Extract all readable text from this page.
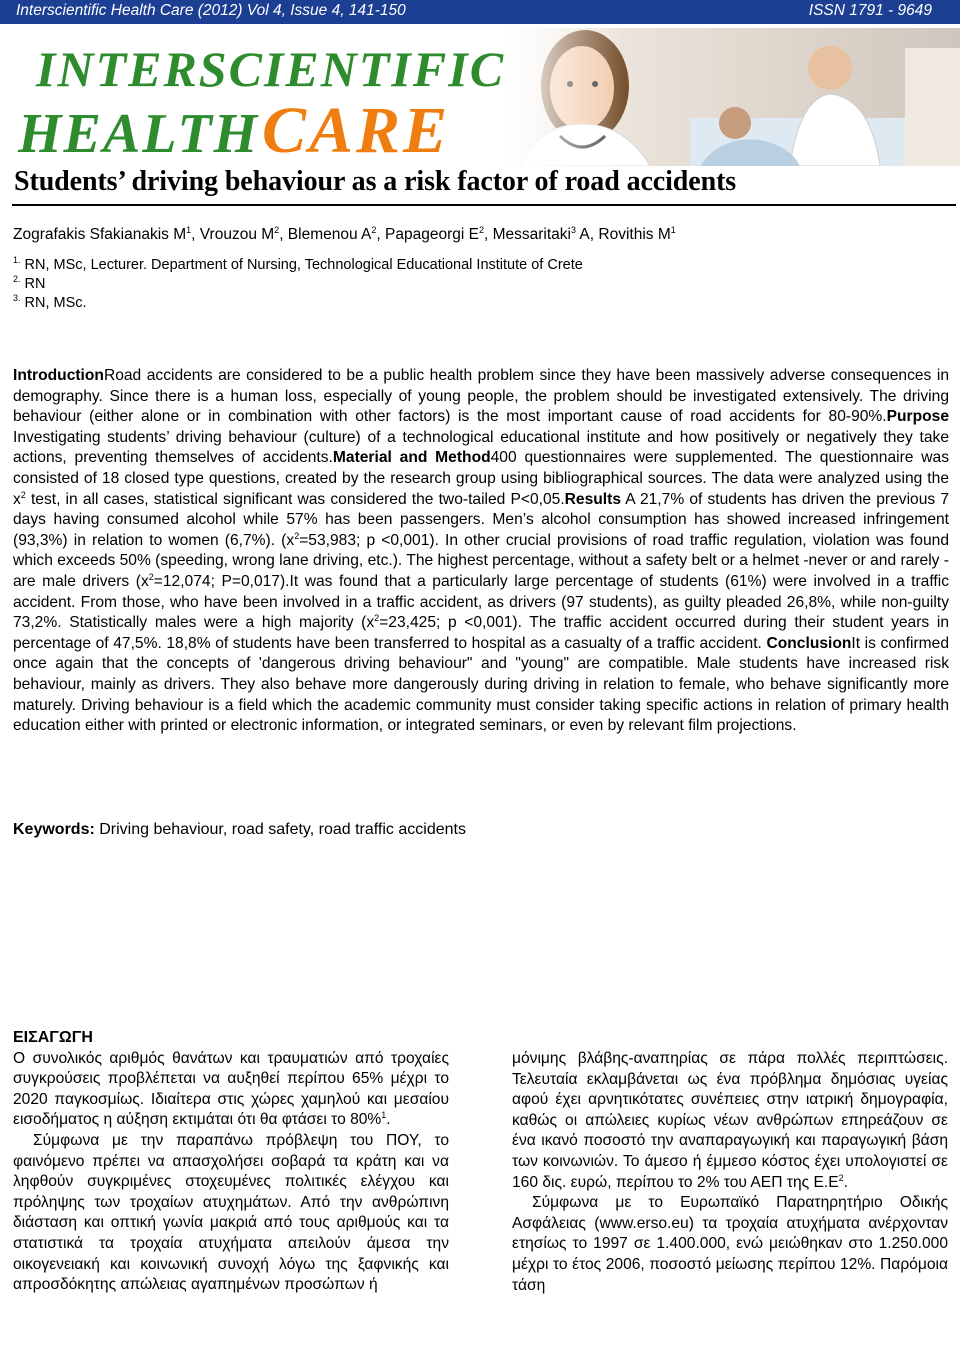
Interscientific Health Care (2012) Vol 4, Issue 4, 141-150	ISSN 1791 - 9649
INTERSCIENTIFIC
HEALTH CARE
Students’ driving behaviour as a risk factor of road accidents
Zografakis Sfakianakis $M^1$, Vrouzou $M^2$, Blemenou $A^2$, Papageorgi $E^2$, Messaritaki$^3$ A, Rovithis $M^1$
$^{1.}$ RN, MSc, Lecturer. Department of Nursing, Technological Educational Institute of Crete
$^{2.}$ RN
$^{3.}$ RN, MSc.
IntroductionRoad accidents are considered to be a public health problem since they have been massively adverse consequences in demography. Since there is a human loss, especially of young people, the problem should be investigated extensively. The driving behaviour (either alone or in combination with other factors) is the most important cause of road accidents for 80-90%.Purpose Investigating students’ driving behaviour (culture) of a technological educational institute and how positively or negatively they take actions, preventing themselves of accidents.Material and Method400 questionnaires were supplemented. The questionnaire was consisted of 18 closed type questions, created by the research group using bibliographical sources. The data were analyzed using the $x^2$ test, in all cases, statistical significant was considered the two-tailed P<0,05.Results A 21,7% of students has driven the previous 7 days having consumed alcohol while 57% has been passengers. Men’s alcohol consumption has showed increased infringement (93,3%) in relation to women (6,7%). ($x^2=53,983$; p <0,001). In other crucial provisions of road traffic regulation, violation was found which exceeds 50% (speeding, wrong lane driving, etc.). The highest percentage, without a safety belt or a helmet -never or and rarely - are male drivers ($x^2=12,074$; P=0,017).It was found that a particularly large percentage of students (61%) were involved in a traffic accident. From those, who have been involved in a traffic accident, as drivers (97 students), as guilty pleaded 26,8%, while non-guilty 73,2%. Statistically males were a high majority ($x^2=23,425$; p <0,001). The traffic accident occurred during their student years in percentage of 47,5%. 18,8% of students have been transferred to hospital as a casualty of a traffic accident. ConclusionIt is confirmed once again that the concepts of 'dangerous driving behaviour" and "young" are compatible. Male students have increased risk behaviour, mainly as drivers. They also behave more dangerously during driving in relation to female, who behave significantly more maturely. Driving behaviour is a field which the academic community must consider taking specific actions in relation of primary health education either with printed or electronic information, or integrated seminars, or even by relevant film projections.
Keywords: Driving behaviour, road safety, road traffic accidents

ΕΙΣΑΓΩΓΗ

Ο συνολικός αριθμός θανάτων και τραυματιών από τροχαίες συγκρούσεις προβλέπεται να αυξηθεί περίπου 65% μέχρι το 2020 παγκοσμίως. Ιδιαίτερα στις χώρες χαμηλού και μεσαίου εισοδήματος η αύξηση εκτιμάται ότι θα φτάσει το 80%$^1$.

Σύμφωνα με την παραπάνω πρόβλεψη του ΠΟΥ, το φαινόμενο πρέπει να απασχολήσει σοβαρά τα κράτη και να ληφθούν συγκριμένες στοχευμένες πολιτικές ελέγχου και πρόληψης των τροχαίων ατυχημάτων. Από την ανθρώπινη διάσταση και οπτική γωνία μακριά από τους αριθμούς και τα στατιστικά τα τροχαία ατυχήματα απειλούν άμεσα την οικογενειακή και κοινωνική συνοχή λόγω της ξαφνικής και απροσδόκητης απώλειας αγαπημένων προσώπων ή

μόνιμης βλάβης-αναπηρίας σε πάρα πολλές περιπτώσεις. Τελευταία εκλαμβάνεται ως ένα πρόβλημα δημόσιας υγείας αφού έχει αρνητικότατες συνέπειες στην ιατρική δημογραφία, καθώς οι απώλειες κυρίως νέων ανθρώπων επηρεάζουν σε ένα ικανό ποσοστό την αναπαραγωγική και παραγωγική βάση των κοινωνιών. Το άμεσο ή έμμεσο κόστος έχει υπολογιστεί σε 160 δις. ευρώ, περίπου το 2% του ΑΕΠ της $E.E^2$.

Σύμφωνα με το Ευρωπαϊκό Παρατηρητήριο Οδικής Ασφάλειας (www.erso.eu) τα τροχαία ατυχήματα ανέρχονταν ετησίως το 1997 σε 1.400.000, ενώ μειώθηκαν στο 1.250.000 μέχρι το έτος 2006, ποσοστό μείωσης περίπου 12%. Παρόμοια τάση
